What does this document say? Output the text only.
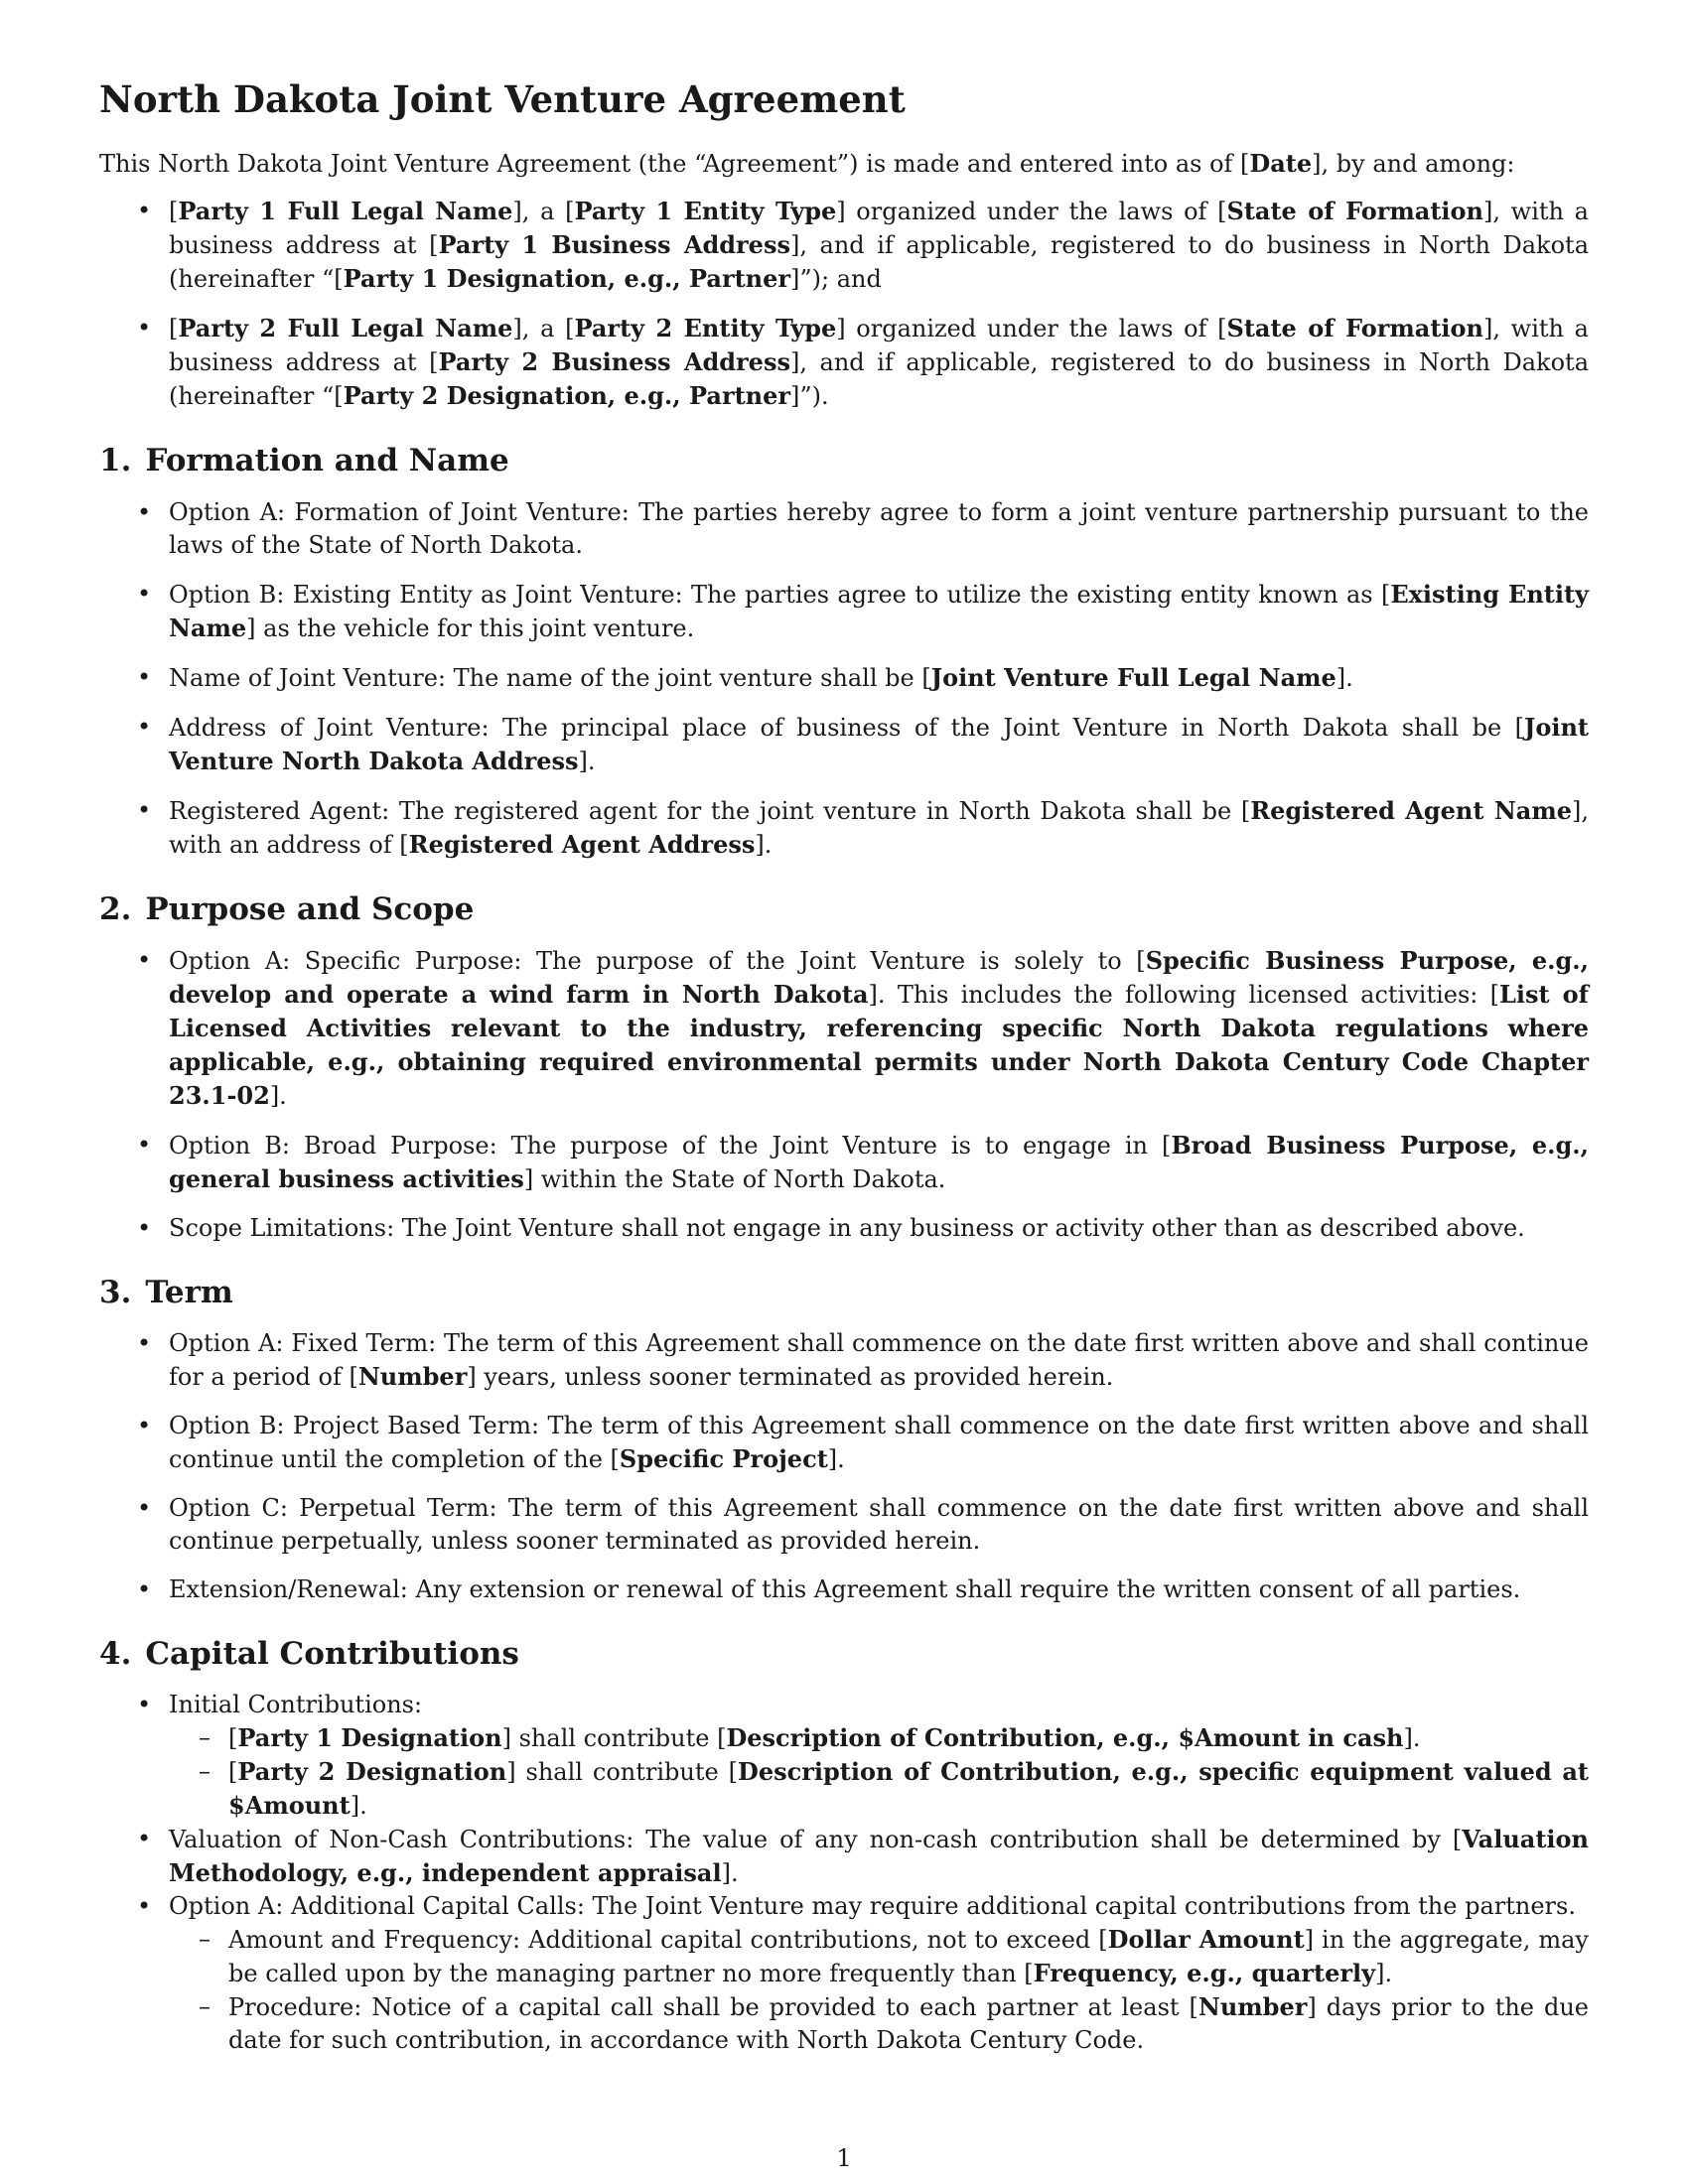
North Dakota Joint Venture Agreement

This North Dakota Joint Venture Agreement (the “Agreement”) is made and entered into as of [Date], by and among:

• [Party 1 Full Legal Name], a [Party 1 Entity Type] organized under the laws of [State of Formation], with a business address at [Party 1 Business Address], and if applicable, registered to do business in North Dakota (hereinafter “[Party 1 Designation, e.g., Partner]”); and
• [Party 2 Full Legal Name], a [Party 2 Entity Type] organized under the laws of [State of Formation], with a business address at [Party 2 Business Address], and if applicable, registered to do business in North Dakota (hereinafter “[Party 2 Designation, e.g., Partner]”).
1. Formation and Name
• Option A: Formation of Joint Venture: The parties hereby agree to form a joint venture partnership pursuant to the laws of the State of North Dakota.
• Option B: Existing Entity as Joint Venture: The parties agree to utilize the existing entity known as [Existing Entity Name] as the vehicle for this joint venture.
• Name of Joint Venture: The name of the joint venture shall be [Joint Venture Full Legal Name].
• Address of Joint Venture: The principal place of business of the Joint Venture in North Dakota shall be [Joint Venture North Dakota Address].
• Registered Agent: The registered agent for the joint venture in North Dakota shall be [Registered Agent Name], with an address of [Registered Agent Address].
2. Purpose and Scope
• Option A: Specific Purpose: The purpose of the Joint Venture is solely to [Specific Business Purpose, e.g., develop and operate a wind farm in North Dakota]. This includes the following licensed activities: [List of Licensed Activities relevant to the industry, referencing specific North Dakota regulations where applicable, e.g., obtaining required environmental permits under North Dakota Century Code Chapter 23.1-02].
• Option B: Broad Purpose: The purpose of the Joint Venture is to engage in [Broad Business Purpose, e.g., general business activities] within the State of North Dakota.
• Scope Limitations: The Joint Venture shall not engage in any business or activity other than as described above.
3. Term
• Option A: Fixed Term: The term of this Agreement shall commence on the date first written above and shall continue for a period of [Number] years, unless sooner terminated as provided herein.
• Option B: Project Based Term: The term of this Agreement shall commence on the date first written above and shall continue until the completion of the [Specific Project].
• Option C: Perpetual Term: The term of this Agreement shall commence on the date first written above and shall continue perpetually, unless sooner terminated as provided herein.
• Extension/Renewal: Any extension or renewal of this Agreement shall require the written consent of all parties.
4. Capital Contributions
• Initial Contributions:
– [Party 1 Designation] shall contribute [Description of Contribution, e.g., $Amount in cash].
– [Party 2 Designation] shall contribute [Description of Contribution, e.g., specific equipment valued at $Amount].
• Valuation of Non-Cash Contributions: The value of any non-cash contribution shall be determined by [Valuation Methodology, e.g., independent appraisal].
• Option A: Additional Capital Calls: The Joint Venture may require additional capital contributions from the partners.
– Amount and Frequency: Additional capital contributions, not to exceed [Dollar Amount] in the aggregate, may be called upon by the managing partner no more frequently than [Frequency, e.g., quarterly].
– Procedure: Notice of a capital call shall be provided to each partner at least [Number] days prior to the due date for such contribution, in accordance with North Dakota Century Code.
1
